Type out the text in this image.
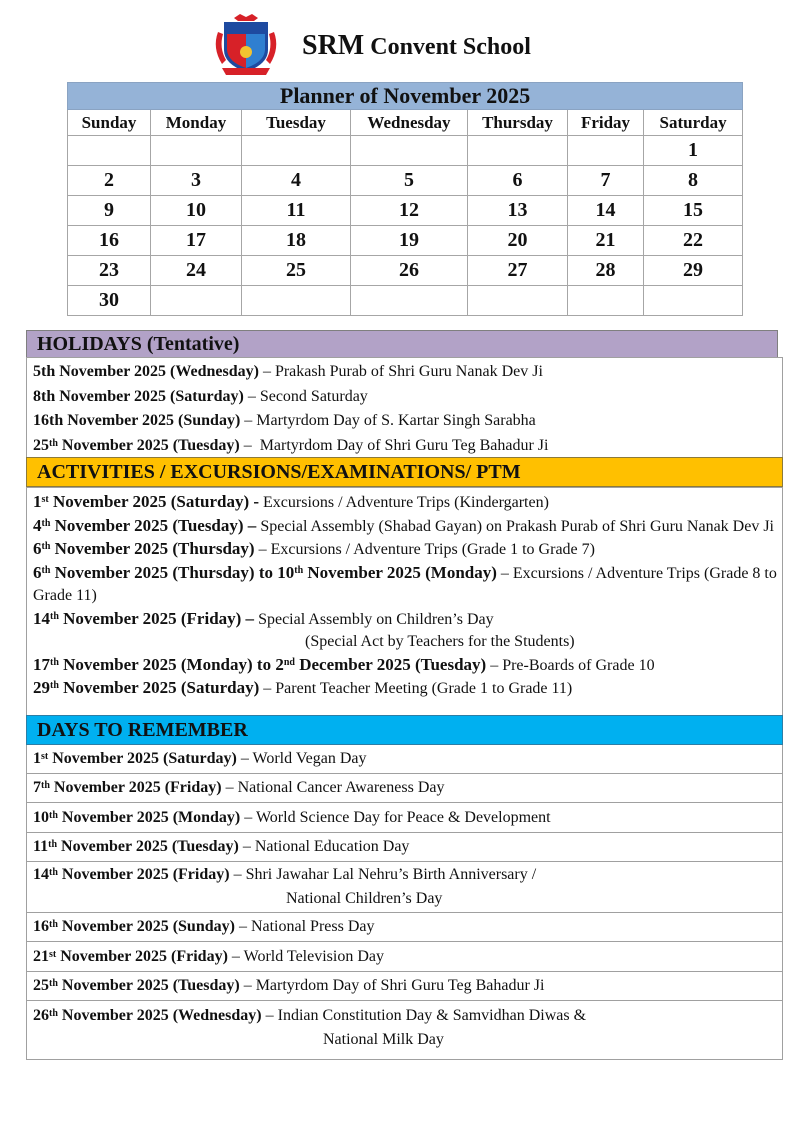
SRM Convent School
Planner of November 2025						
Sunday	Monday	Tuesday	Wednesday	Thursday	Friday	Saturday
						1
2	3	4	5	6	7	8
9	10	11	12	13	14	15
16	17	18	19	20	21	22
23	24	25	26	27	28	29
30						
HOLIDAYS (Tentative)
5th November 2025 (Wednesday) – Prakash Purab of Shri Guru Nanak Dev Ji
8th November 2025 (Saturday) – Second Saturday
16th November 2025 (Sunday) – Martyrdom Day of S. Kartar Singh Sarabha
25th November 2025 (Tuesday) –  Martyrdom Day of Shri Guru Teg Bahadur Ji
ACTIVITIES / EXCURSIONS/EXAMINATIONS/ PTM
1st November 2025 (Saturday) - Excursions / Adventure Trips (Kindergarten)
4th November 2025 (Tuesday) – Special Assembly (Shabad Gayan) on Prakash Purab of Shri Guru Nanak Dev Ji
6th November 2025 (Thursday) – Excursions / Adventure Trips (Grade 1 to Grade 7)
6th November 2025 (Thursday) to 10th November 2025 (Monday) – Excursions / Adventure Trips (Grade 8 to Grade 11)
14th November 2025 (Friday) – Special Assembly on Children’s Day
(Special Act by Teachers for the Students)
17th November 2025 (Monday) to 2nd December 2025 (Tuesday) – Pre-Boards of Grade 10
29th November 2025 (Saturday) – Parent Teacher Meeting (Grade 1 to Grade 11)
DAYS TO REMEMBER
1st November 2025 (Saturday) – World Vegan Day
7th November 2025 (Friday) – National Cancer Awareness Day
10th November 2025 (Monday) – World Science Day for Peace & Development
11th November 2025 (Tuesday) – National Education Day
14th November 2025 (Friday) – Shri Jawahar Lal Nehru’s Birth Anniversary /
National Children’s Day
16th November 2025 (Sunday) – National Press Day
21st November 2025 (Friday) – World Television Day
25th November 2025 (Tuesday) – Martyrdom Day of Shri Guru Teg Bahadur Ji
26th November 2025 (Wednesday) – Indian Constitution Day & Samvidhan Diwas &
National Milk Day
